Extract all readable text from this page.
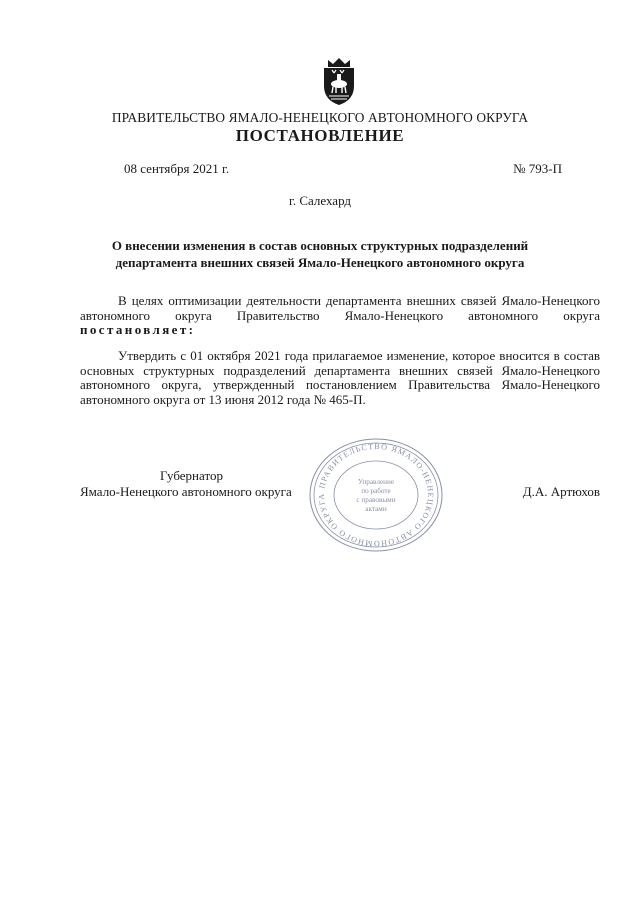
ПРАВИТЕЛЬСТВО ЯМАЛО-НЕНЕЦКОГО АВТОНОМНОГО ОКРУГА
ПОСТАНОВЛЕНИЕ
08 сентября 2021 г.	№ 793-П
г. Салехард
О внесении изменения в состав основных структурных подразделений департамента внешних связей Ямало-Ненецкого автономного округа
В целях оптимизации деятельности департамента внешних связей Ямало-Ненецкого автономного округа Правительство Ямало-Ненецкого автономного округа постановляет:
Утвердить с 01 октября 2021 года прилагаемое изменение, которое вносится в состав основных структурных подразделений департамента внешних связей Ямало-Ненецкого автономного округа, утвержденный постановлением Правительства Ямало-Ненецкого автономного округа от 13 июня 2012 года № 465-П.
Губернатор
Ямало-Ненецкого автономного округа	Д.А. Артюхов
ПРАВИТЕЛЬСТВО ЯМАЛО-НЕНЕЦКОГО АВТОНОМНОГО ОКРУГА
Управление
по работе
с правовыми
актами
